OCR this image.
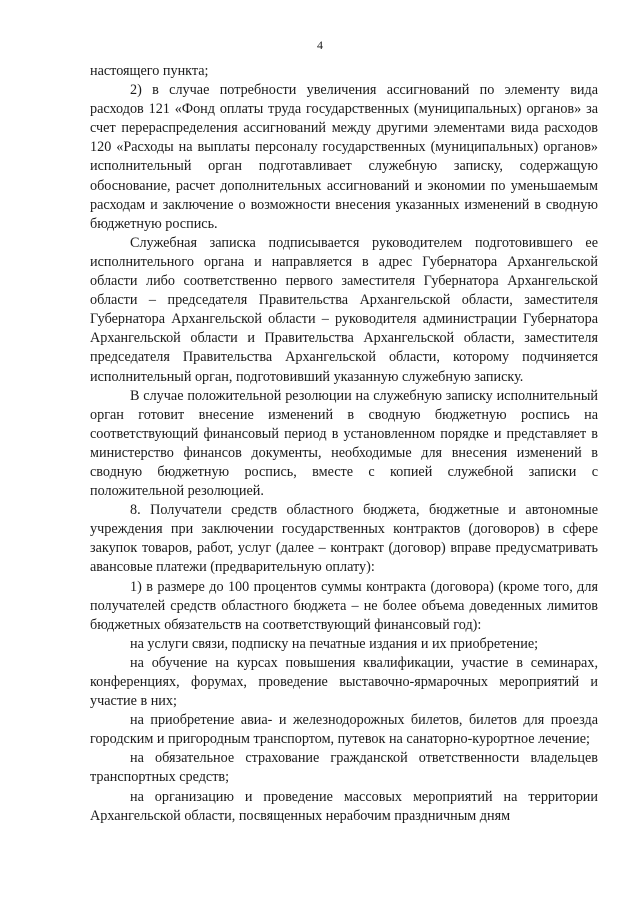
4

настоящего пункта;

2) в случае потребности увеличения ассигнований по элементу вида расходов 121 «Фонд оплаты труда государственных (муниципальных) органов» за счет перераспределения ассигнований между другими элементами вида расходов 120 «Расходы на выплаты персоналу государственных (муниципальных) органов» исполнительный орган подготавливает служебную записку, содержащую обоснование, расчет дополнительных ассигнований и экономии по уменьшаемым расходам и заключение о возможности внесения указанных изменений в сводную бюджетную роспись.

Служебная записка подписывается руководителем подготовившего ее исполнительного органа и направляется в адрес Губернатора Архангельской области либо соответственно первого заместителя Губернатора Архангельской области – председателя Правительства Архангельской области, заместителя Губернатора Архангельской области – руководителя администрации Губернатора Архангельской области и Правительства Архангельской области, заместителя председателя Правительства Архангельской области, которому подчиняется исполнительный орган, подготовивший указанную служебную записку.

В случае положительной резолюции на служебную записку исполнительный орган готовит внесение изменений в сводную бюджетную роспись на соответствующий финансовый период в установленном порядке и представляет в министерство финансов документы, необходимые для внесения изменений в сводную бюджетную роспись, вместе с копией служебной записки с положительной резолюцией.

8. Получатели средств областного бюджета, бюджетные и автономные учреждения при заключении государственных контрактов (договоров) в сфере закупок товаров, работ, услуг (далее – контракт (договор) вправе предусматривать авансовые платежи (предварительную оплату):

1) в размере до 100 процентов суммы контракта (договора) (кроме того, для получателей средств областного бюджета – не более объема доведенных лимитов бюджетных обязательств на соответствующий финансовый год):

на услуги связи, подписку на печатные издания и их приобретение;

на обучение на курсах повышения квалификации, участие в семинарах, конференциях, форумах, проведение выставочно-ярмарочных мероприятий и участие в них;

на приобретение авиа- и железнодорожных билетов, билетов для проезда городским и пригородным транспортом, путевок на санаторно-курортное лечение;

на обязательное страхование гражданской ответственности владельцев транспортных средств;

на организацию и проведение массовых мероприятий на территории Архангельской области, посвященных нерабочим праздничным дням
